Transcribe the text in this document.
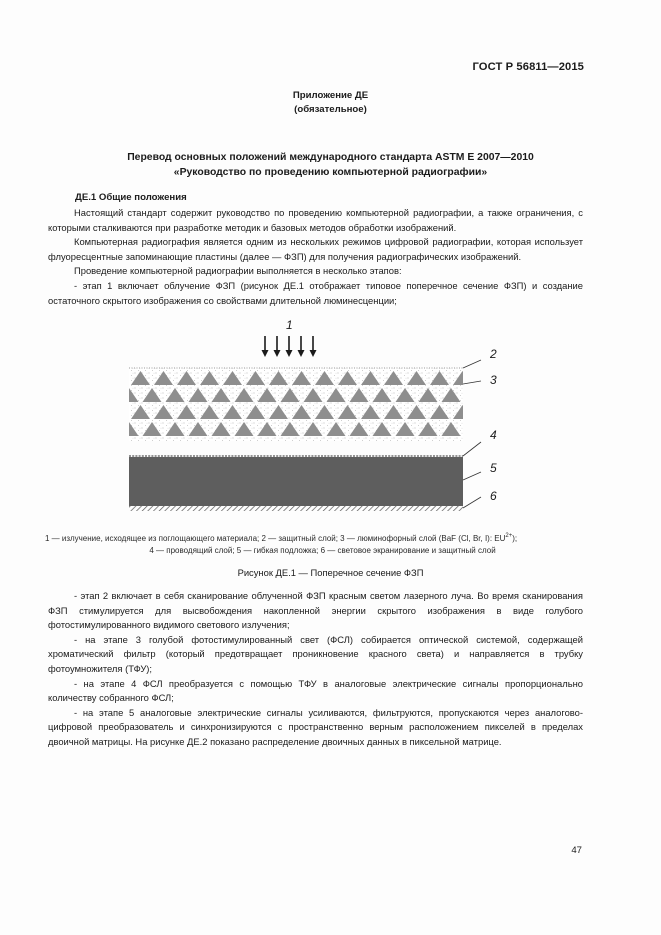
ГОСТ Р 56811—2015
Приложение ДЕ
(обязательное)
Перевод основных положений международного стандарта ASTM E 2007—2010
«Руководство по проведению компьютерной радиографии»
ДЕ.1 Общие положения

Настоящий стандарт содержит руководство по проведению компьютерной радиографии, а также ограничения, с которыми сталкиваются при разработке методик и базовых методов обработки изображений.

Компьютерная радиография является одним из нескольких режимов цифровой радиографии, которая использует флуоресцентные запоминающие пластины (далее — ФЗП) для получения радиографических изображений.

Проведение компьютерной радиографии выполняется в несколько этапов:

- этап 1 включает облучение ФЗП (рисунок ДЕ.1 отображает типовое поперечное сечение ФЗП) и создание остаточного скрытого изображения со свойствами длительной люминесценции;

1
2
3
4
5
6
1 — излучение, исходящее из поглощающего материала; 2 — защитный слой; 3 — люминофорный слой (BaF (Cl, Br, I): $EU^{2+}$);
4 — проводящий слой; 5 — гибкая подложка; 6 — световое экранирование и защитный слой
Рисунок ДЕ.1 — Поперечное сечение ФЗП

- этап 2 включает в себя сканирование облученной ФЗП красным светом лазерного луча. Во время сканирования ФЗП стимулируется для высвобождения накопленной энергии скрытого изображения в виде голубого фотостимулированного видимого светового излучения;

- на этапе 3 голубой фотостимулированный свет (ФСЛ) собирается оптической системой, содержащей хроматический фильтр (который предотвращает проникновение красного света) и направляется в трубку фотоумножителя (ТФУ);

- на этапе 4 ФСЛ преобразуется с помощью ТФУ в аналоговые электрические сигналы пропорционально количеству собранного ФСЛ;

- на этапе 5 аналоговые электрические сигналы усиливаются, фильтруются, пропускаются через аналогово-цифровой преобразователь и синхронизируются с пространственно верным расположением пикселей в пределах двоичной матрицы. На рисунке ДЕ.2 показано распределение двоичных данных в пиксельной матрице.

47
